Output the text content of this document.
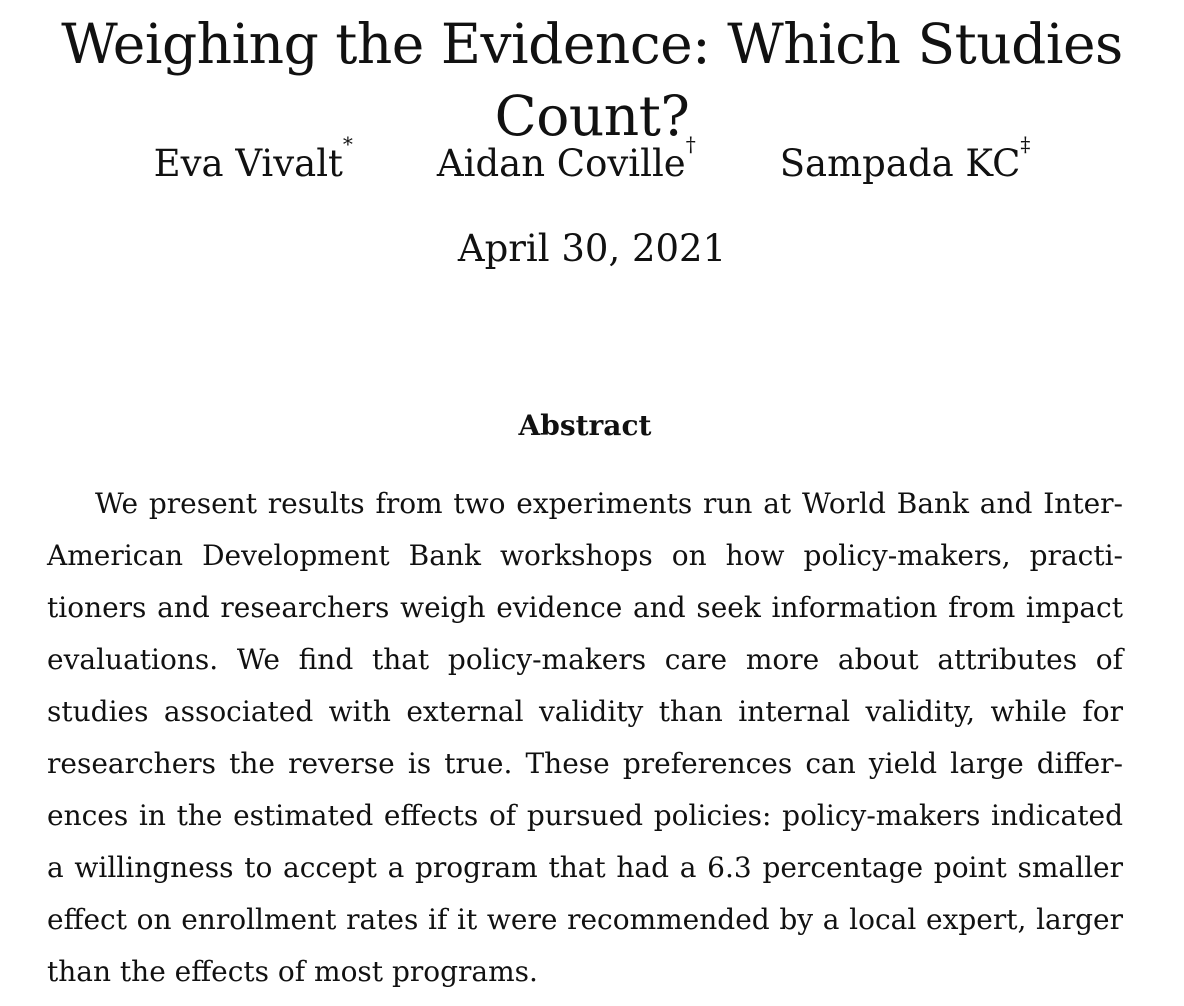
Weighing the Evidence: Which Studies Count?
Eva Vivalt* Aidan Coville† Sampada KC‡
April 30, 2021
Abstract
We present results from two experiments run at World Bank and Inter-
American Development Bank workshops on how policy-makers, practi-
tioners and researchers weigh evidence and seek information from impact
evaluations. We find that policy-makers care more about attributes of
studies associated with external validity than internal validity, while for
researchers the reverse is true. These preferences can yield large differ-
ences in the estimated effects of pursued policies: policy-makers indicated
a willingness to accept a program that had a 6.3 percentage point smaller
effect on enrollment rates if it were recommended by a local expert, larger
than the effects of most programs.
